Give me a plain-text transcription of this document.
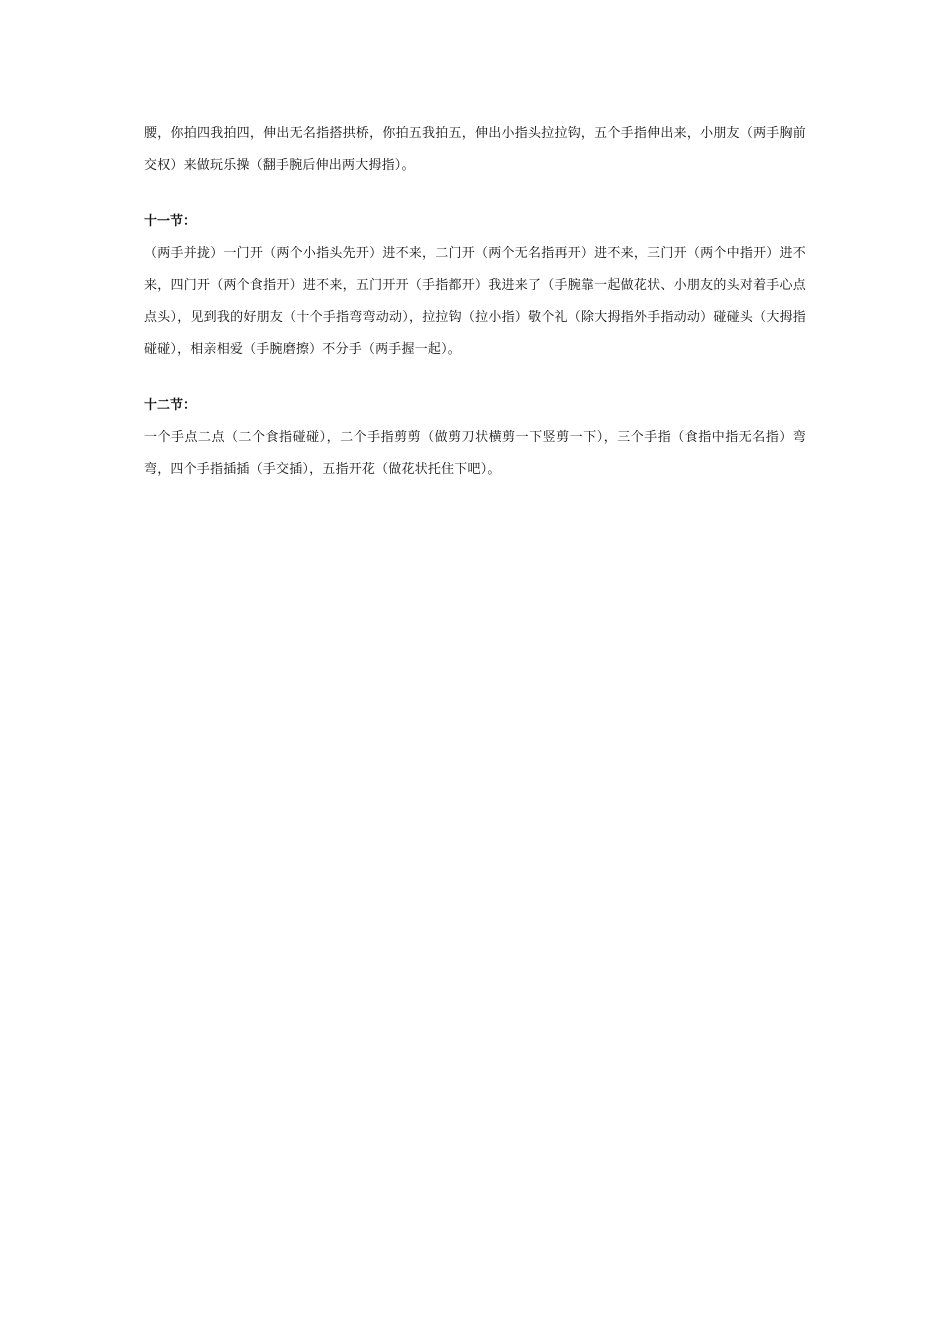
腰，你拍四我拍四，伸出无名指搭拱桥，你拍五我拍五，伸出小指头拉拉钩，五个手指伸出来，小朋友（两手胸前交权）来做玩乐操（翻手腕后伸出两大拇指）。

十一节：

（两手并拢）一门开（两个小指头先开）进不来，二门开（两个无名指再开）进不来，三门开（两个中指开）进不来，四门开（两个食指开）进不来，五门开开（手指都开）我进来了（手腕靠一起做花状、小朋友的头对着手心点点头），见到我的好朋友（十个手指弯弯动动），拉拉钩（拉小指）敬个礼（除大拇指外手指动动）碰碰头（大拇指碰碰），相亲相爱（手腕磨擦）不分手（两手握一起）。

十二节：

一个手点二点（二个食指碰碰），二个手指剪剪（做剪刀状横剪一下竖剪一下），三个手指（食指中指无名指）弯弯，四个手指插插（手交插），五指开花（做花状托住下吧）。
